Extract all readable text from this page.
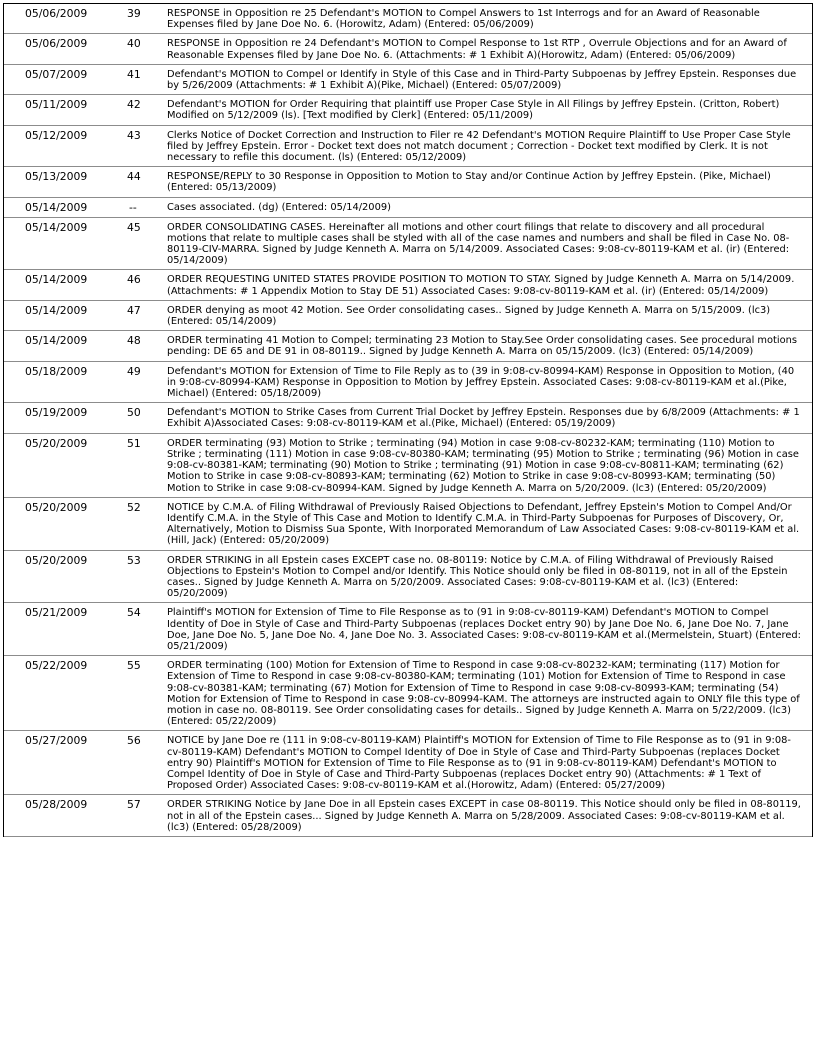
05/06/2009	39	RESPONSE in Opposition re 25 Defendant's MOTION to Compel Answers to 1st Interrogs and for an Award of Reasonable Expenses filed by Jane Doe No. 6. (Horowitz, Adam) (Entered: 05/06/2009)
05/06/2009	40	RESPONSE in Opposition re 24 Defendant's MOTION to Compel Response to 1st RTP , Overrule Objections and for an Award of Reasonable Expenses filed by Jane Doe No. 6. (Attachments: # 1 Exhibit A)(Horowitz, Adam) (Entered: 05/06/2009)
05/07/2009	41	Defendant's MOTION to Compel or Identify in Style of this Case and in Third-Party Subpoenas by Jeffrey Epstein. Responses due by 5/26/2009 (Attachments: # 1 Exhibit A)(Pike, Michael) (Entered: 05/07/2009)
05/11/2009	42	Defendant's MOTION for Order Requiring that plaintiff use Proper Case Style in All Filings by Jeffrey Epstein. (Critton, Robert) Modified on 5/12/2009 (ls). [Text modified by Clerk] (Entered: 05/11/2009)
05/12/2009	43	Clerks Notice of Docket Correction and Instruction to Filer re 42 Defendant's MOTION Require Plaintiff to Use Proper Case Style filed by Jeffrey Epstein. Error - Docket text does not match document ; Correction - Docket text modified by Clerk. It is not necessary to refile this document. (ls) (Entered: 05/12/2009)
05/13/2009	44	RESPONSE/REPLY to 30 Response in Opposition to Motion to Stay and/or Continue Action by Jeffrey Epstein. (Pike, Michael) (Entered: 05/13/2009)
05/14/2009	--	Cases associated. (dg) (Entered: 05/14/2009)
05/14/2009	45	ORDER CONSOLIDATING CASES. Hereinafter all motions and other court filings that relate to discovery and all procedural motions that relate to multiple cases shall be styled with all of the case names and numbers and shall be filed in Case No. 08-80119-CIV-MARRA. Signed by Judge Kenneth A. Marra on 5/14/2009. Associated Cases: 9:08-cv-80119-KAM et al. (ir) (Entered: 05/14/2009)
05/14/2009	46	ORDER REQUESTING UNITED STATES PROVIDE POSITION TO MOTION TO STAY. Signed by Judge Kenneth A. Marra on 5/14/2009. (Attachments: # 1 Appendix Motion to Stay DE 51) Associated Cases: 9:08-cv-80119-KAM et al. (ir) (Entered: 05/14/2009)
05/14/2009	47	ORDER denying as moot 42 Motion. See Order consolidating cases.. Signed by Judge Kenneth A. Marra on 5/15/2009. (lc3) (Entered: 05/14/2009)
05/14/2009	48	ORDER terminating 41 Motion to Compel; terminating 23 Motion to Stay.See Order consolidating cases. See procedural motions pending: DE 65 and DE 91 in 08-80119.. Signed by Judge Kenneth A. Marra on 05/15/2009. (lc3) (Entered: 05/14/2009)
05/18/2009	49	Defendant's MOTION for Extension of Time to File Reply as to (39 in 9:08-cv-80994-KAM) Response in Opposition to Motion, (40 in 9:08-cv-80994-KAM) Response in Opposition to Motion by Jeffrey Epstein. Associated Cases: 9:08-cv-80119-KAM et al.(Pike, Michael) (Entered: 05/18/2009)
05/19/2009	50	Defendant's MOTION to Strike Cases from Current Trial Docket by Jeffrey Epstein. Responses due by 6/8/2009 (Attachments: # 1 Exhibit A)Associated Cases: 9:08-cv-80119-KAM et al.(Pike, Michael) (Entered: 05/19/2009)
05/20/2009	51	ORDER terminating (93) Motion to Strike ; terminating (94) Motion in case 9:08-cv-80232-KAM; terminating (110) Motion to Strike ; terminating (111) Motion in case 9:08-cv-80380-KAM; terminating (95) Motion to Strike ; terminating (96) Motion in case 9:08-cv-80381-KAM; terminating (90) Motion to Strike ; terminating (91) Motion in case 9:08-cv-80811-KAM; terminating (62) Motion to Strike in case 9:08-cv-80893-KAM; terminating (62) Motion to Strike in case 9:08-cv-80993-KAM; terminating (50) Motion to Strike in case 9:08-cv-80994-KAM. Signed by Judge Kenneth A. Marra on 5/20/2009. (lc3) (Entered: 05/20/2009)
05/20/2009	52	NOTICE by C.M.A. of Filing Withdrawal of Previously Raised Objections to Defendant, Jeffrey Epstein's Motion to Compel And/Or Identify C.M.A. in the Style of This Case and Motion to Identify C.M.A. in Third-Party Subpoenas for Purposes of Discovery, Or, Alternatively, Motion to Dismiss Sua Sponte, With Inorporated Memorandum of Law Associated Cases: 9:08-cv-80119-KAM et al.(Hill, Jack) (Entered: 05/20/2009)
05/20/2009	53	ORDER STRIKING in all Epstein cases EXCEPT case no. 08-80119: Notice by C.M.A. of Filing Withdrawal of Previously Raised Objections to Epstein's Motion to Compel and/or Identify. This Notice should only be filed in 08-80119, not in all of the Epstein cases.. Signed by Judge Kenneth A. Marra on 5/20/2009. Associated Cases: 9:08-cv-80119-KAM et al. (lc3) (Entered: 05/20/2009)
05/21/2009	54	Plaintiff's MOTION for Extension of Time to File Response as to (91 in 9:08-cv-80119-KAM) Defendant's MOTION to Compel Identity of Doe in Style of Case and Third-Party Subpoenas (replaces Docket entry 90) by Jane Doe No. 6, Jane Doe No. 7, Jane Doe, Jane Doe No. 5, Jane Doe No. 4, Jane Doe No. 3. Associated Cases: 9:08-cv-80119-KAM et al.(Mermelstein, Stuart) (Entered: 05/21/2009)
05/22/2009	55	ORDER terminating (100) Motion for Extension of Time to Respond in case 9:08-cv-80232-KAM; terminating (117) Motion for Extension of Time to Respond in case 9:08-cv-80380-KAM; terminating (101) Motion for Extension of Time to Respond in case 9:08-cv-80381-KAM; terminating (67) Motion for Extension of Time to Respond in case 9:08-cv-80993-KAM; terminating (54) Motion for Extension of Time to Respond in case 9:08-cv-80994-KAM. The attorneys are instructed again to ONLY file this type of motion in case no. 08-80119. See Order consolidating cases for details.. Signed by Judge Kenneth A. Marra on 5/22/2009. (lc3) (Entered: 05/22/2009)
05/27/2009	56	NOTICE by Jane Doe re (111 in 9:08-cv-80119-KAM) Plaintiff's MOTION for Extension of Time to File Response as to (91 in 9:08-cv-80119-KAM) Defendant's MOTION to Compel Identity of Doe in Style of Case and Third-Party Subpoenas (replaces Docket entry 90) Plaintiff's MOTION for Extension of Time to File Response as to (91 in 9:08-cv-80119-KAM) Defendant's MOTION to Compel Identity of Doe in Style of Case and Third-Party Subpoenas (replaces Docket entry 90) (Attachments: # 1 Text of Proposed Order) Associated Cases: 9:08-cv-80119-KAM et al.(Horowitz, Adam) (Entered: 05/27/2009)
05/28/2009	57	ORDER STRIKING Notice by Jane Doe in all Epstein cases EXCEPT in case 08-80119. This Notice should only be filed in 08-80119, not in all of the Epstein cases... Signed by Judge Kenneth A. Marra on 5/28/2009. Associated Cases: 9:08-cv-80119-KAM et al. (lc3) (Entered: 05/28/2009)
